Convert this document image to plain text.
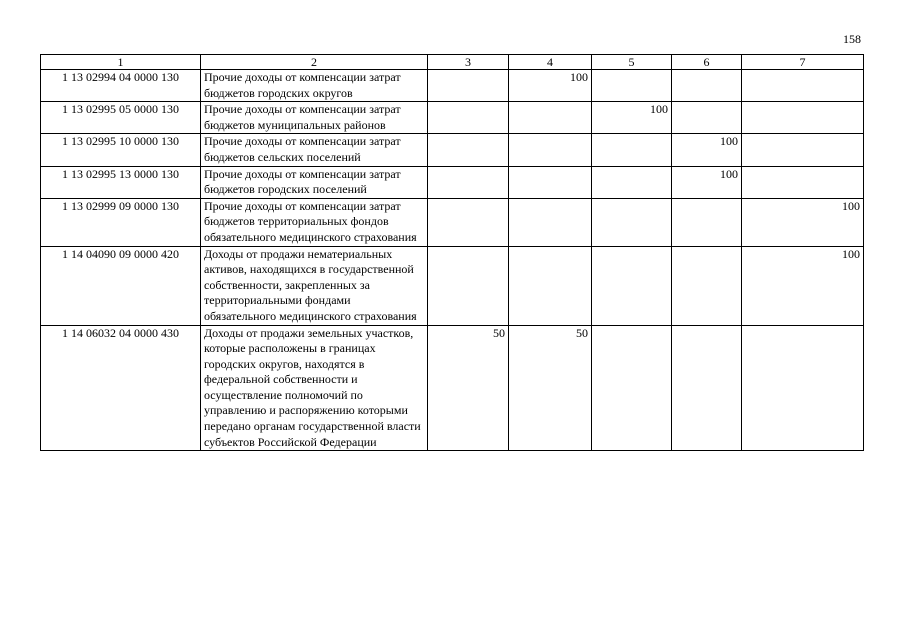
158
1	2	3	4	5	6	7
1 13 02994 04 0000 130	Прочие доходы от компенсации затрат бюджетов городских округов		100			
1 13 02995 05 0000 130	Прочие доходы от компенсации затрат бюджетов муниципальных районов			100		
1 13 02995 10 0000 130	Прочие доходы от компенсации затрат бюджетов сельских поселений				100	
1 13 02995 13 0000 130	Прочие доходы от компенсации затрат бюджетов городских поселений				100	
1 13 02999 09 0000 130	Прочие доходы от компенсации затрат бюджетов территориальных фондов обязательного медицинского страхования					100
1 14 04090 09 0000 420	Доходы от продажи нематериальных активов, находящихся в государственной собственности, закрепленных за территориальными фондами обязательного медицинского страхования					100
1 14 06032 04 0000 430	Доходы от продажи земельных участков, которые расположены в границах городских округов, находятся в федеральной собственности и осуществление полномочий по управлению и распоряжению которыми передано органам государственной власти субъектов Российской Федерации	50	50			
